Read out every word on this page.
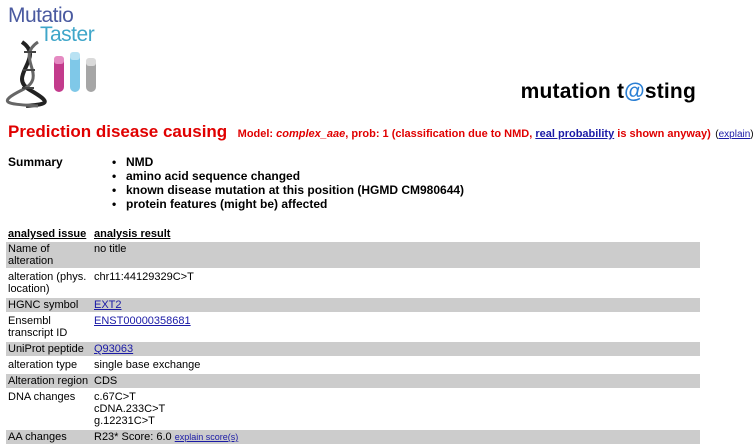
Mutatio
Taster
mutation t@sting
Prediction disease causing Model: complex_aae, prob: 1 (classification due to NMD, real probability is shown anyway) (explain)
Summary	• NMD
• amino acid sequence changed
• known disease mutation at this position (HGMD CM980644)
• protein features (might be) affected
analysed issue	analysis result
Name of alteration	no title
alteration (phys. location)	chr11:44129329C>T
HGNC symbol	EXT2
Ensembl transcript ID	ENST00000358681
UniProt peptide	Q93063
alteration type	single base exchange
Alteration region	CDS
DNA changes	c.67C>T
cDNA.233C>T
g.12231C>T

AA changes	R23* Score: 6.0 explain score(s)
